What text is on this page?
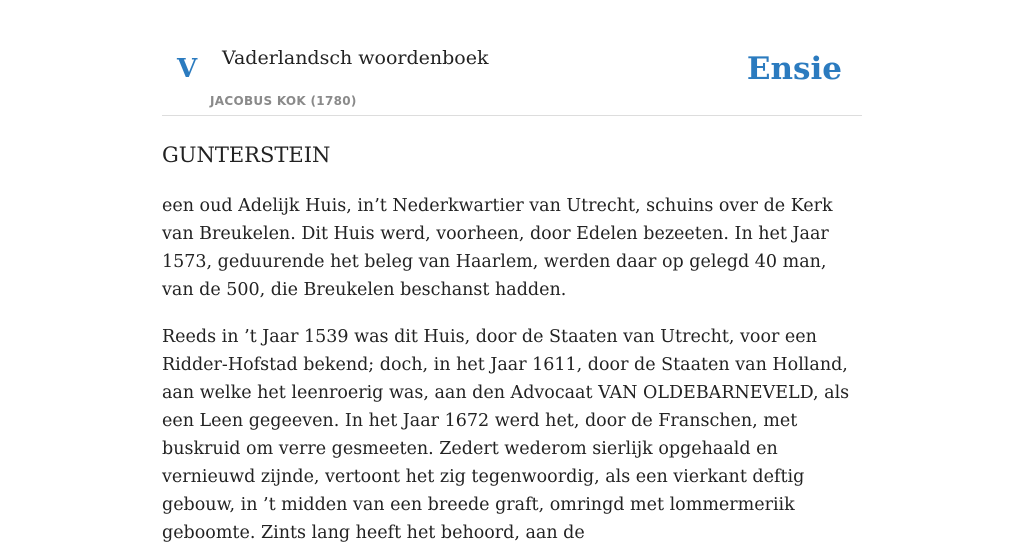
V Vaderlandsch woordenboek
JACOBUS KOK (1780)
Ensie
GUNTERSTEIN

een oud Adelijk Huis, in’t Nederkwartier van Utrecht, schuins over de Kerk van Breukelen. Dit Huis werd, voorheen, door Edelen bezeeten. In het Jaar 1573, geduurende het beleg van Haarlem, werden daar op gelegd 40 man, van de 500, die Breukelen beschanst hadden.

Reeds in ’t Jaar 1539 was dit Huis, door de Staaten van Utrecht, voor een Ridder-Hofstad bekend; doch, in het Jaar 1611, door de Staaten van Holland, aan welke het leenroerig was, aan den Advocaat VAN OLDEBARNEVELD, als een Leen gegeeven. In het Jaar 1672 werd het, door de Franschen, met buskruid om verre gesmeeten. Zedert wederom sierlijk opgehaald en vernieuwd zijnde, vertoont het zig tegenwoordig, als een vierkant deftig gebouw, in ’t midden van een breede graft, omringd met lommermeriik geboomte. Zints lang heeft het behoord, aan de
